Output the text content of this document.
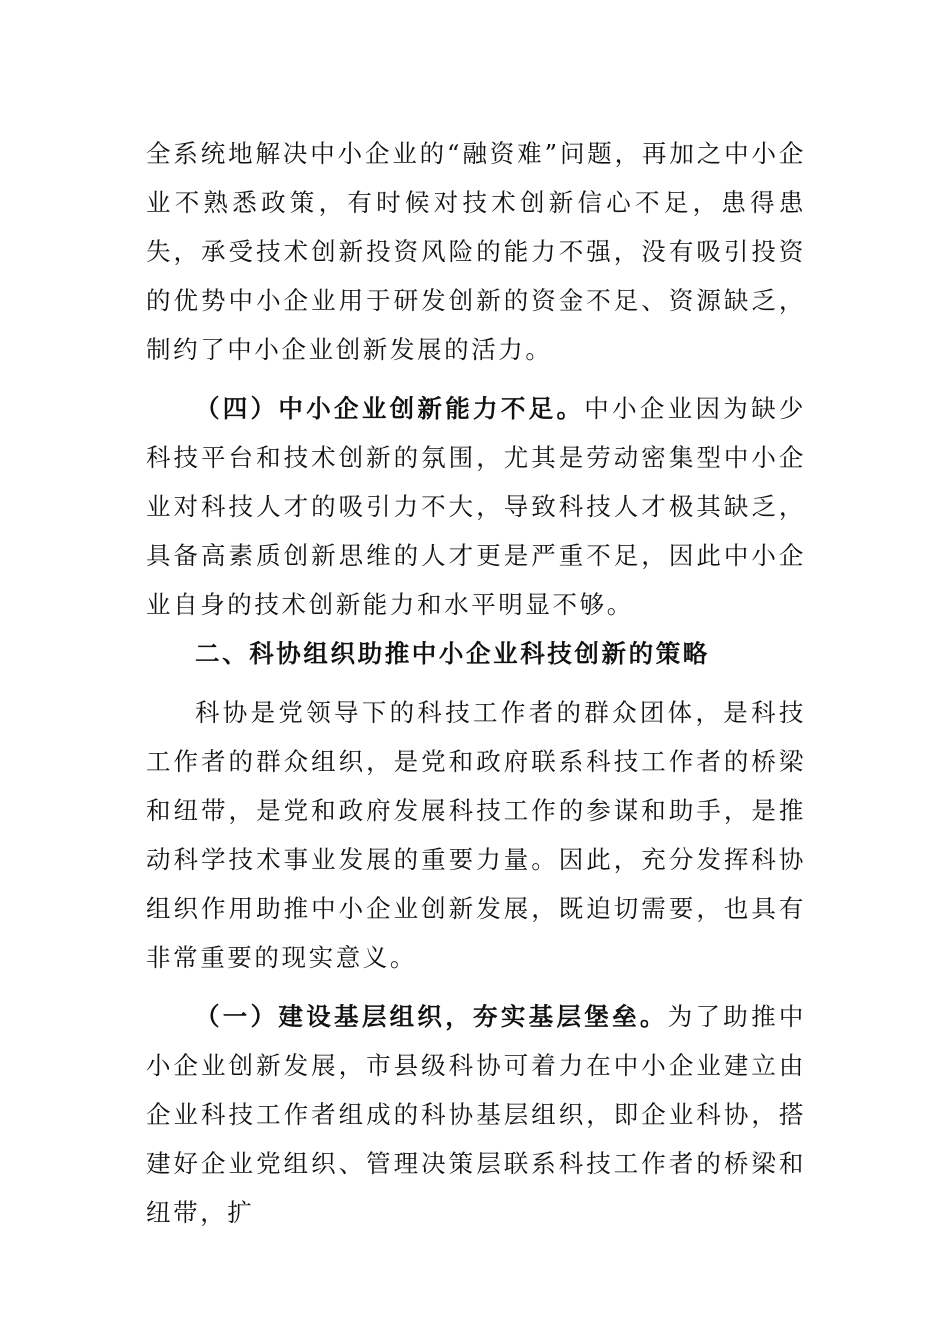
全系统地解决中小企业的“融资难”问题，再加之中小企业不熟悉政策，有时候对技术创新信心不足，患得患失，承受技术创新投资风险的能力不强，没有吸引投资的优势中小企业用于研发创新的资金不足、资源缺乏，制约了中小企业创新发展的活力。

（四）中小企业创新能力不足。中小企业因为缺少科技平台和技术创新的氛围，尤其是劳动密集型中小企业对科技人才的吸引力不大，导致科技人才极其缺乏，具备高素质创新思维的人才更是严重不足，因此中小企业自身的技术创新能力和水平明显不够。

二、科协组织助推中小企业科技创新的策略

科协是党领导下的科技工作者的群众团体，是科技工作者的群众组织，是党和政府联系科技工作者的桥梁和纽带，是党和政府发展科技工作的参谋和助手，是推动科学技术事业发展的重要力量。因此，充分发挥科协组织作用助推中小企业创新发展，既迫切需要，也具有非常重要的现实意义。

（一）建设基层组织，夯实基层堡垒。为了助推中小企业创新发展，市县级科协可着力在中小企业建立由企业科技工作者组成的科协基层组织，即企业科协，搭建好企业党组织、管理决策层联系科技工作者的桥梁和纽带，扩
